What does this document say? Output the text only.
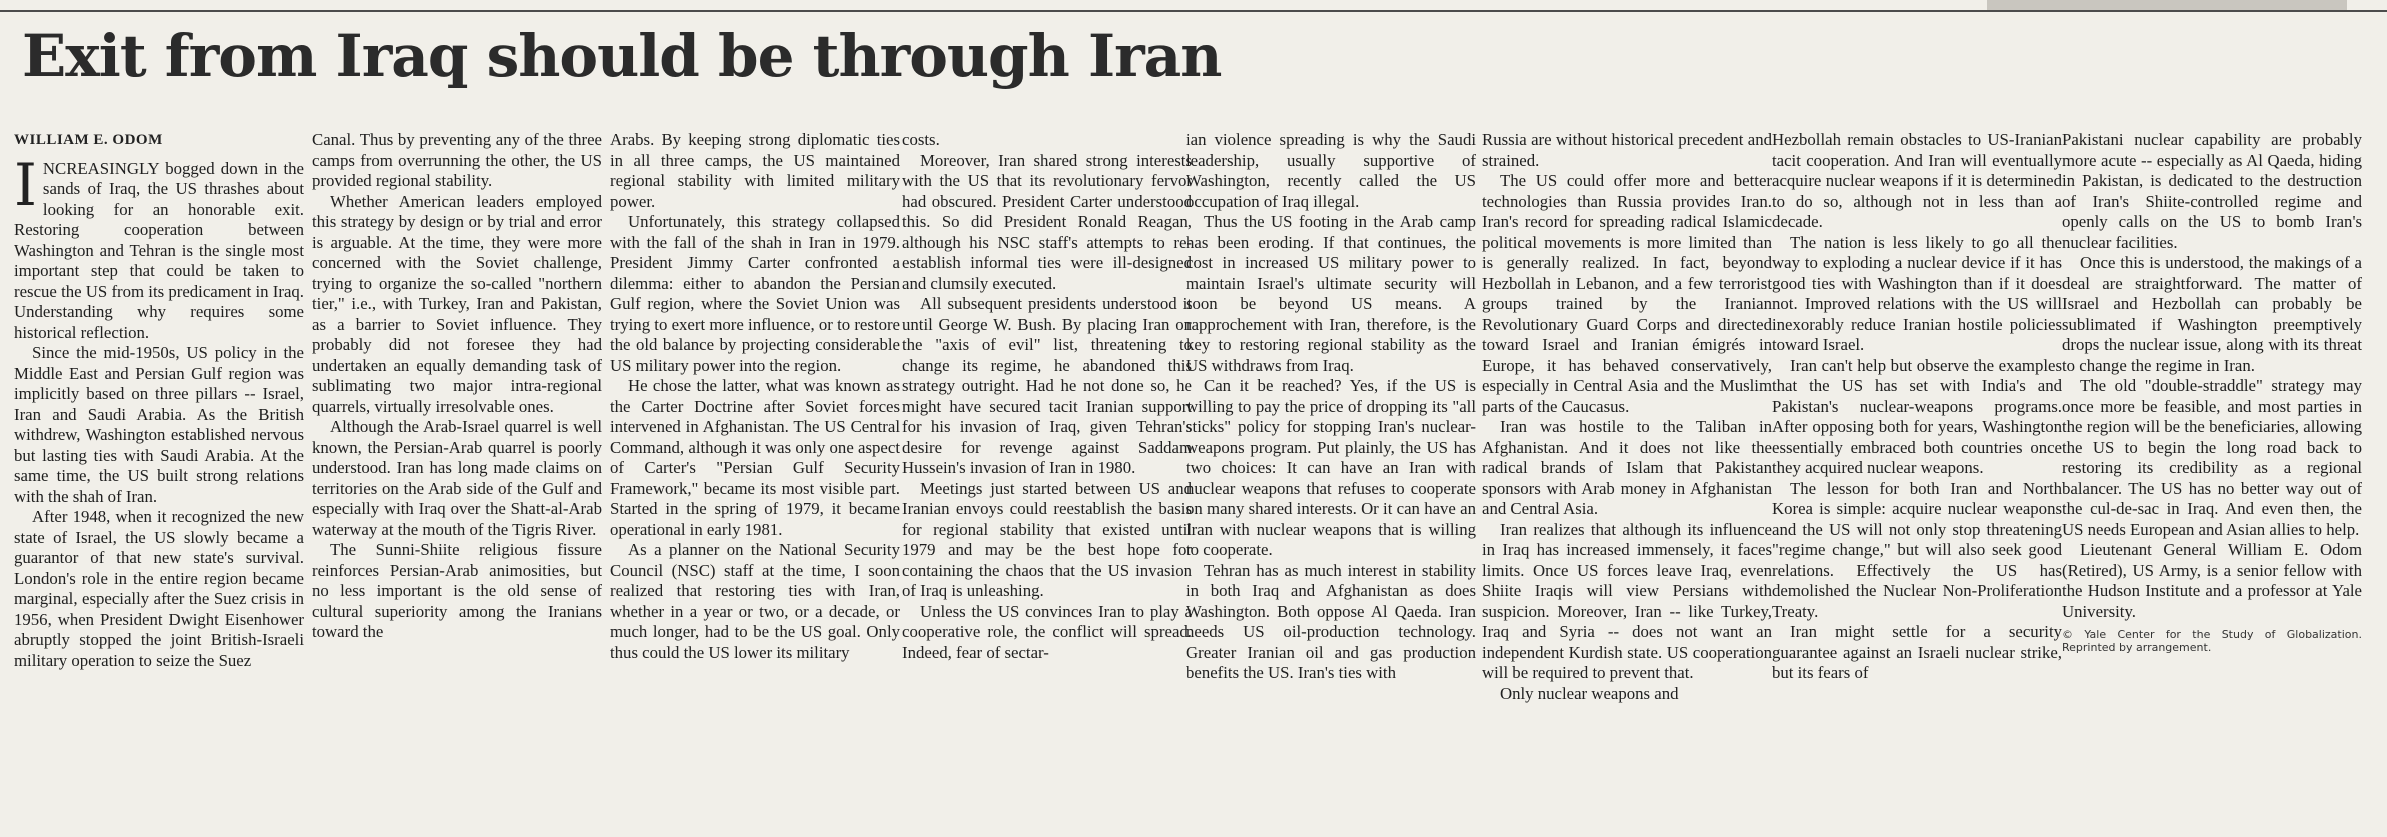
Exit from Iraq should be through Iran
WILLIAM E. ODOM

INCREASINGLY bogged down in the sands of Iraq, the US thrashes about looking for an honorable exit. Restoring cooperation between Washington and Tehran is the single most important step that could be taken to rescue the US from its predicament in Iraq. Understanding why requires some historical reflection.

Since the mid-1950s, US policy in the Middle East and Persian Gulf region was implicitly based on three pillars -- Israel, Iran and Saudi Arabia. As the British withdrew, Washington established nervous but lasting ties with Saudi Arabia. At the same time, the US built strong relations with the shah of Iran.

After 1948, when it recognized the new state of Israel, the US slowly became a guarantor of that new state's survival. London's role in the entire region became marginal, especially after the Suez crisis in 1956, when President Dwight Eisenhower abruptly stopped the joint British-Israeli military operation to seize the Suez

Canal. Thus by preventing any of the three camps from overrunning the other, the US provided regional stability.

Whether American leaders employed this strategy by design or by trial and error is arguable. At the time, they were more concerned with the Soviet challenge, trying to organize the so-called "northern tier," i.e., with Turkey, Iran and Pakistan, as a barrier to Soviet influence. They probably did not foresee they had undertaken an equally demanding task of sublimating two major intra-regional quarrels, virtually irresolvable ones.

Although the Arab-Israel quarrel is well known, the Persian-Arab quarrel is poorly understood. Iran has long made claims on territories on the Arab side of the Gulf and especially with Iraq over the Shatt-al-Arab waterway at the mouth of the Tigris River.

The Sunni-Shiite religious fissure reinforces Persian-Arab animosities, but no less important is the old sense of cultural superiority among the Iranians toward the

Arabs. By keeping strong diplomatic ties in all three camps, the US maintained regional stability with limited military power.

Unfortunately, this strategy collapsed with the fall of the shah in Iran in 1979. President Jimmy Carter confronted a dilemma: either to abandon the Persian Gulf region, where the Soviet Union was trying to exert more influence, or to restore the old balance by projecting considerable US military power into the region.

He chose the latter, what was known as the Carter Doctrine after Soviet forces intervened in Afghanistan. The US Central Command, although it was only one aspect of Carter's "Persian Gulf Security Framework," became its most visible part. Started in the spring of 1979, it became operational in early 1981.

As a planner on the National Security Council (NSC) staff at the time, I soon realized that restoring ties with Iran, whether in a year or two, or a decade, or much longer, had to be the US goal. Only thus could the US lower its military

costs.

Moreover, Iran shared strong interests with the US that its revolutionary fervor had obscured. President Carter understood this. So did President Ronald Reagan, although his NSC staff's attempts to re-establish informal ties were ill-designed and clumsily executed.

All subsequent presidents understood it until George W. Bush. By placing Iran on the "axis of evil" list, threatening to change its regime, he abandoned this strategy outright. Had he not done so, he might have secured tacit Iranian support for his invasion of Iraq, given Tehran's desire for revenge against Saddam Hussein's invasion of Iran in 1980.

Meetings just started between US and Iranian envoys could reestablish the basis for regional stability that existed until 1979 and may be the best hope for containing the chaos that the US invasion of Iraq is unleashing.

Unless the US convinces Iran to play a cooperative role, the conflict will spread. Indeed, fear of sectar-

ian violence spreading is why the Saudi leadership, usually supportive of Washington, recently called the US occupation of Iraq illegal.

Thus the US footing in the Arab camp has been eroding. If that continues, the cost in increased US military power to maintain Israel's ultimate security will soon be beyond US means. A rapprochement with Iran, therefore, is the key to restoring regional stability as the US withdraws from Iraq.

Can it be reached? Yes, if the US is willing to pay the price of dropping its "all sticks" policy for stopping Iran's nuclear-weapons program. Put plainly, the US has two choices: It can have an Iran with nuclear weapons that refuses to cooperate on many shared interests. Or it can have an Iran with nuclear weapons that is willing to cooperate.

Tehran has as much interest in stability in both Iraq and Afghanistan as does Washington. Both oppose Al Qaeda. Iran needs US oil-production technology. Greater Iranian oil and gas production benefits the US. Iran's ties with

Russia are without historical precedent and strained.

The US could offer more and better technologies than Russia provides Iran. Iran's record for spreading radical Islamic political movements is more limited than is generally realized. In fact, beyond Hezbollah in Lebanon, and a few terrorist groups trained by the Iranian Revolutionary Guard Corps and directed toward Israel and Iranian émigrés in Europe, it has behaved conservatively, especially in Central Asia and the Muslim parts of the Caucasus.

Iran was hostile to the Taliban in Afghanistan. And it does not like the radical brands of Islam that Pakistan sponsors with Arab money in Afghanistan and Central Asia.

Iran realizes that although its influence in Iraq has increased immensely, it faces limits. Once US forces leave Iraq, even Shiite Iraqis will view Persians with suspicion. Moreover, Iran -- like Turkey, Iraq and Syria -- does not want an independent Kurdish state. US cooperation will be required to prevent that.

Only nuclear weapons and

Hezbollah remain obstacles to US-Iranian tacit cooperation. And Iran will eventually acquire nuclear weapons if it is determined to do so, although not in less than a decade.

The nation is less likely to go all the way to exploding a nuclear device if it has good ties with Washington than if it does not. Improved relations with the US will inexorably reduce Iranian hostile policies toward Israel.

Iran can't help but observe the examples that the US has set with India's and Pakistan's nuclear-weapons programs. After opposing both for years, Washington essentially embraced both countries once they acquired nuclear weapons.

The lesson for both Iran and North Korea is simple: acquire nuclear weapons and the US will not only stop threatening "regime change," but will also seek good relations. Effectively the US has demolished the Nuclear Non-Proliferation Treaty.

Iran might settle for a security guarantee against an Israeli nuclear strike, but its fears of

Pakistani nuclear capability are probably more acute -- especially as Al Qaeda, hiding in Pakistan, is dedicated to the destruction of Iran's Shiite-controlled regime and openly calls on the US to bomb Iran's nuclear facilities.

Once this is understood, the makings of a deal are straightforward. The matter of Israel and Hezbollah can probably be sublimated if Washington preemptively drops the nuclear issue, along with its threat to change the regime in Iran.

The old "double-straddle" strategy may once more be feasible, and most parties in the region will be the beneficiaries, allowing the US to begin the long road back to restoring its credibility as a regional balancer. The US has no better way out of the cul-de-sac in Iraq. And even then, the US needs European and Asian allies to help.

Lieutenant General William E. Odom (Retired), US Army, is a senior fellow with the Hudson Institute and a professor at Yale University.

© Yale Center for the Study of Globalization. Reprinted by arrangement.
